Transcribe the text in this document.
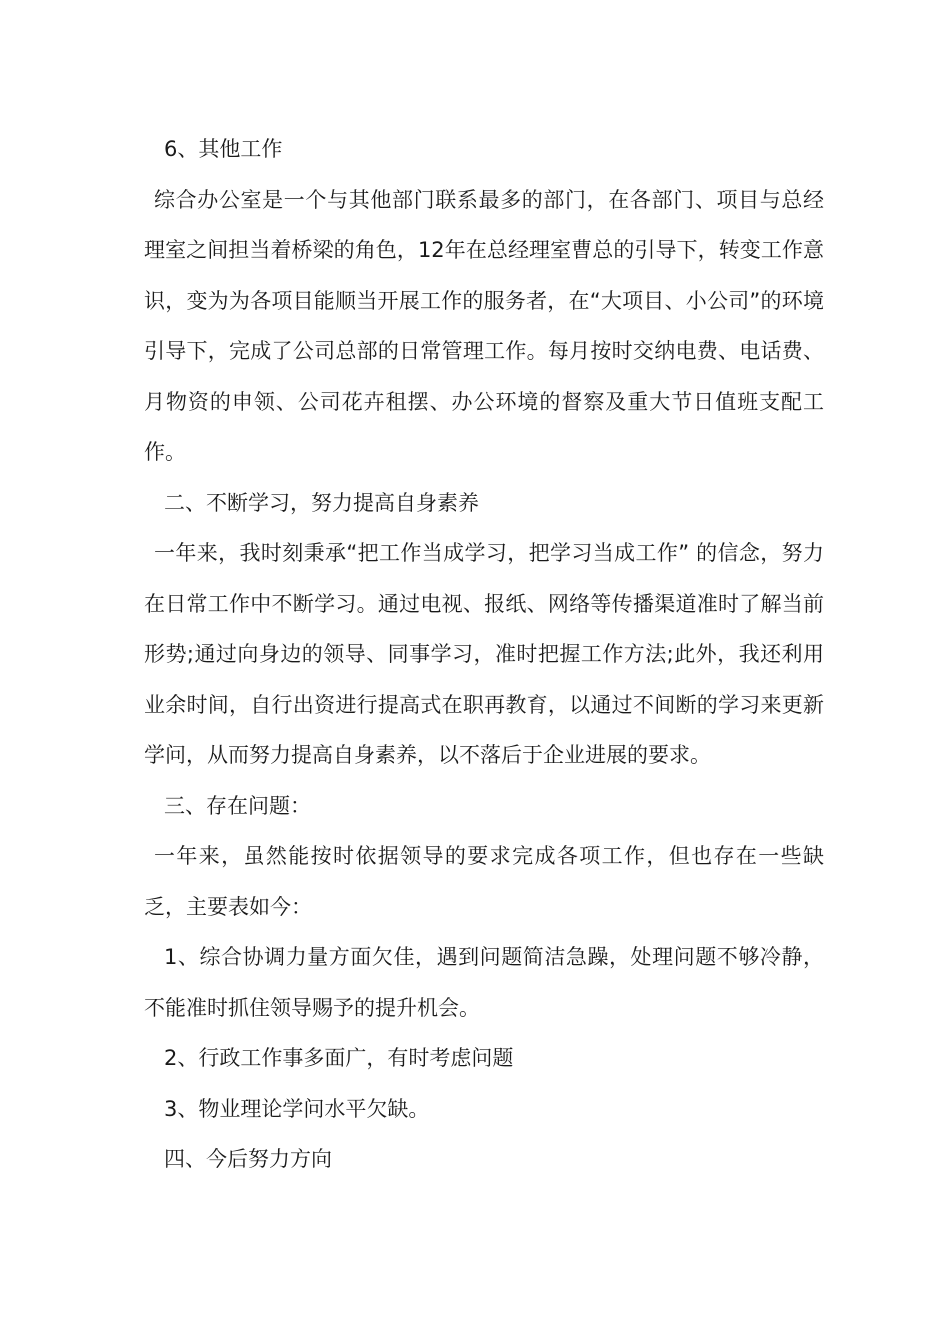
6、其他工作

综合办公室是一个与其他部门联系最多的部门，在各部门、项目与总经理室之间担当着桥梁的角色，12年在总经理室曹总的引导下，转变工作意识，变为为各项目能顺当开展工作的服务者，在“大项目、小公司”的环境引导下，完成了公司总部的日常管理工作。每月按时交纳电费、电话费、月物资的申领、公司花卉租摆、办公环境的督察及重大节日值班支配工作。

二、不断学习，努力提高自身素养

一年来，我时刻秉承“把工作当成学习，把学习当成工作” 的信念，努力在日常工作中不断学习。通过电视、报纸、网络等传播渠道准时了解当前形势;通过向身边的领导、同事学习，准时把握工作方法;此外，我还利用业余时间，自行出资进行提高式在职再教育，以通过不间断的学习来更新学问，从而努力提高自身素养，以不落后于企业进展的要求。

三、存在问题：

一年来，虽然能按时依据领导的要求完成各项工作，但也存在一些缺乏，主要表如今：

1、综合协调力量方面欠佳，遇到问题简洁急躁，处理问题不够冷静，不能准时抓住领导赐予的提升机会。

2、行政工作事多面广，有时考虑问题

3、物业理论学问水平欠缺。

四、今后努力方向
